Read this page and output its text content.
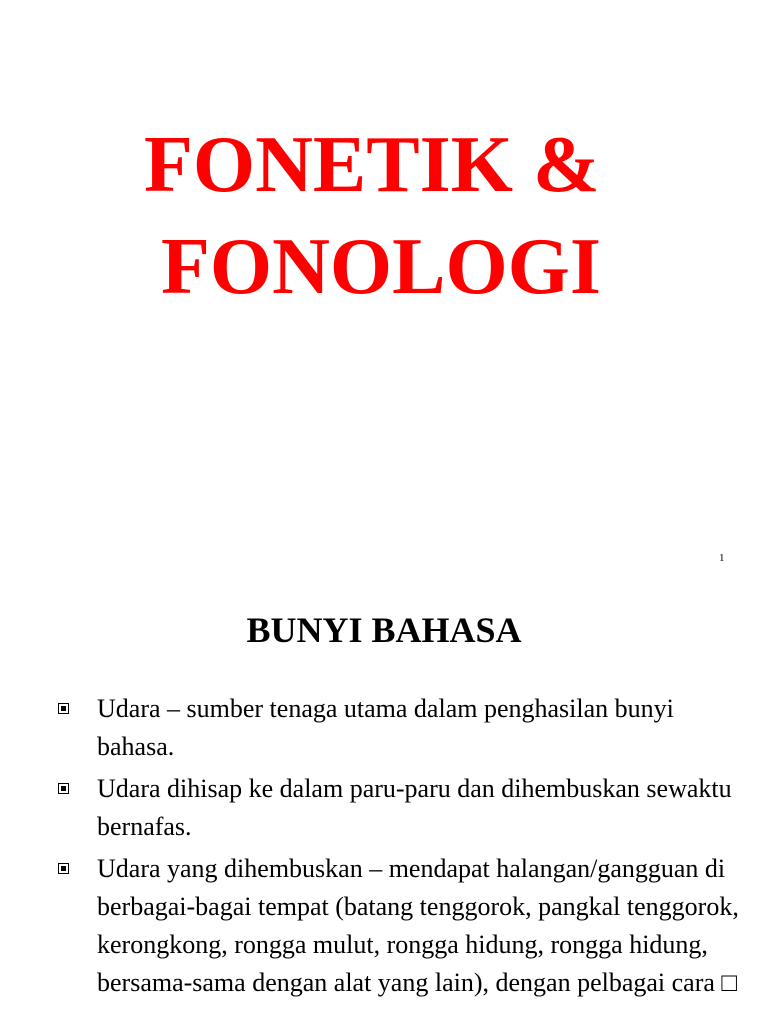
FONETIK &
FONOLOGI
1
BUNYI BAHASA
Udara – sumber tenaga utama dalam penghasilan bunyi bahasa.
Udara dihisap ke dalam paru-paru dan dihembuskan sewaktu bernafas.
Udara yang dihembuskan – mendapat halangan/gangguan di berbagai-bagai tempat (batang tenggorok, pangkal tenggorok, kerongkong, rongga mulut, rongga hidung, rongga hidung, bersama-sama dengan alat yang lain), dengan pelbagai cara □
